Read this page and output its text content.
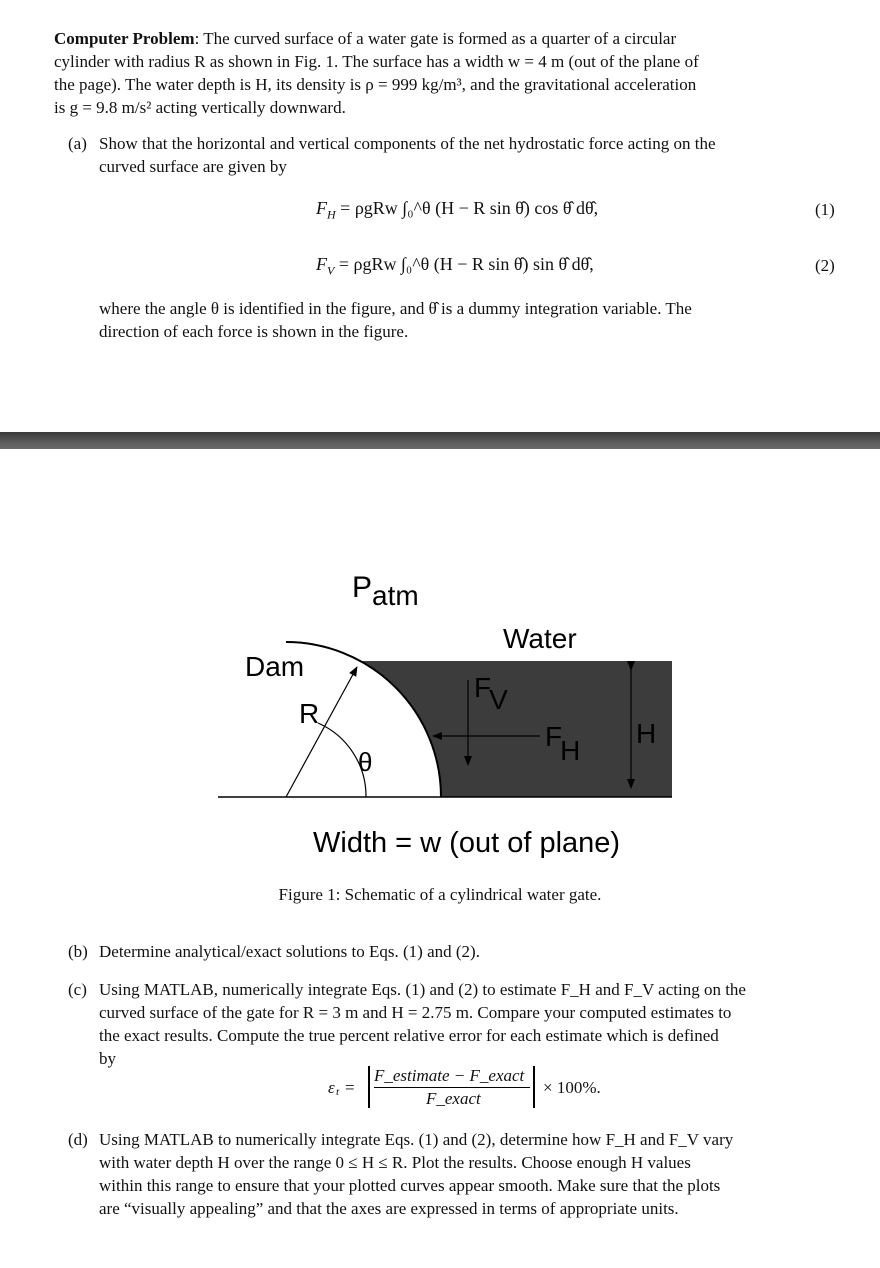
Computer Problem: The curved surface of a water gate is formed as a quarter of a circular
cylinder with radius R as shown in Fig. 1. The surface has a width w = 4 m (out of the plane of
the page). The water depth is H, its density is ρ = 999 kg/m³, and the gravitational acceleration
is g = 9.8 m/s² acting vertically downward.
(a) Show that the horizontal and vertical components of the net hydrostatic force acting on the
curved surface are given by
$F_H = \rho gRw$ ∫₀^θ (H − R sin θ̂) cos θ̂ dθ̂,	(1)
$F_V = \rho gRw$ ∫₀^θ (H − R sin θ̂) sin θ̂ dθ̂,	(2)
where the angle θ is identified in the figure, and θ̂ is a dummy integration variable. The
direction of each force is shown in the figure.
Patm
Water
Dam
R
θ
FV
FH
H
Width = w (out of plane)
Figure 1: Schematic of a cylindrical water gate.
(b) Determine analytical/exact solutions to Eqs. (1) and (2).
(c) Using MATLAB, numerically integrate Eqs. (1) and (2) to estimate F_H and F_V acting on the
curved surface of the gate for R = 3 m and H = 2.75 m. Compare your computed estimates to
the exact results. Compute the true percent relative error for each estimate which is defined
by
ε t =
F_estimate − F_exact
F_exact
× 100%.
(d) Using MATLAB to numerically integrate Eqs. (1) and (2), determine how F_H and F_V vary
with water depth H over the range 0 ≤ H ≤ R. Plot the results. Choose enough H values
within this range to ensure that your plotted curves appear smooth. Make sure that the plots
are “visually appealing” and that the axes are expressed in terms of appropriate units.
